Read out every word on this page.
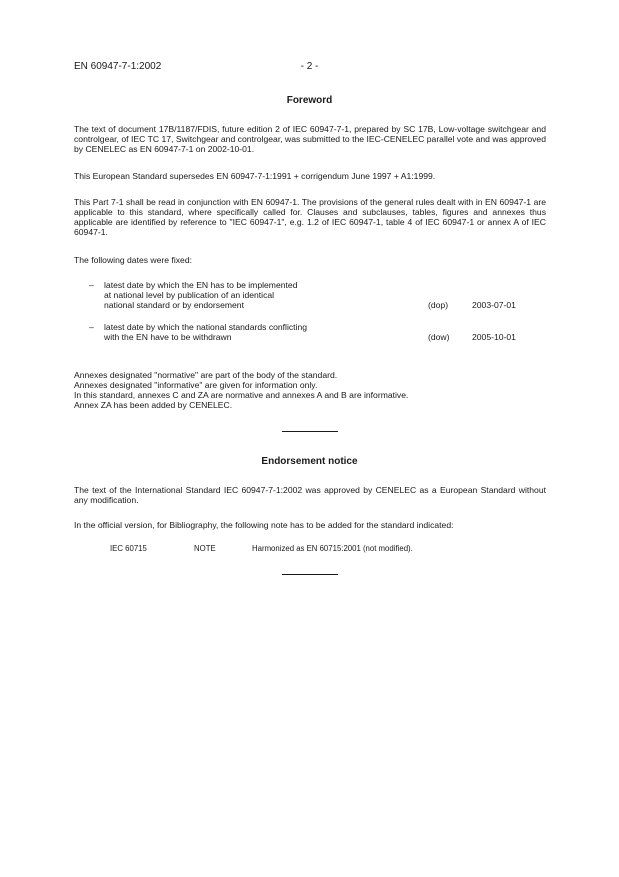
EN 60947-7-1:2002	- 2 -
Foreword
The text of document 17B/1187/FDIS, future edition 2 of IEC 60947-7-1, prepared by SC 17B, Low-voltage switchgear and controlgear, of IEC TC 17, Switchgear and controlgear, was submitted to the IEC-CENELEC parallel vote and was approved by CENELEC as EN 60947-7-1 on 2002-10-01.
This European Standard supersedes EN 60947-7-1:1991 + corrigendum June 1997 + A1:1999.
This Part 7-1 shall be read in conjunction with EN 60947-1. The provisions of the general rules dealt with in EN 60947-1 are applicable to this standard, where specifically called for. Clauses and subclauses, tables, figures and annexes thus applicable are identified by reference to "IEC 60947-1", e.g. 1.2 of IEC 60947-1, table 4 of IEC 60947-1 or annex A of IEC 60947-1.
The following dates were fixed:
– latest date by which the EN has to be implemented
at national level by publication of an identical
national standard or by endorsement	(dop)	2003-07-01
– latest date by which the national standards conflicting
with the EN have to be withdrawn	(dow)	2005-10-01
Annexes designated "normative" are part of the body of the standard.
Annexes designated "informative" are given for information only.
In this standard, annexes C and ZA are normative and annexes A and B are informative.
Annex ZA has been added by CENELEC.
Endorsement notice
The text of the International Standard IEC 60947-7-1:2002 was approved by CENELEC as a European Standard without any modification.
In the official version, for Bibliography, the following note has to be added for the standard indicated:
IEC 60715	NOTE	Harmonized as EN 60715:2001 (not modified).
